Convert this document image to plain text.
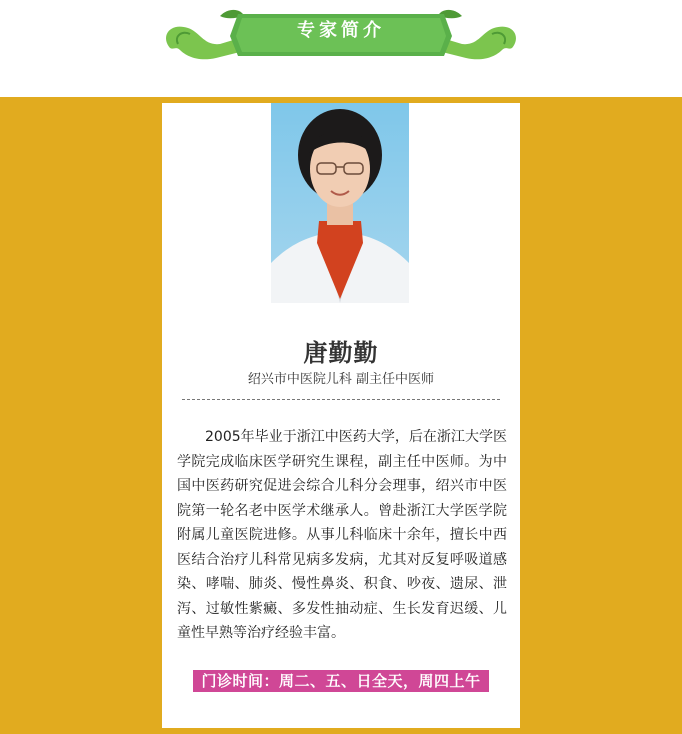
专家简介
唐勤勤
绍兴市中医院儿科 副主任中医师
2005年毕业于浙江中医药大学，后在浙江大学医学院完成临床医学研究生课程，副主任中医师。为中国中医药研究促进会综合儿科分会理事，绍兴市中医院第一轮名老中医学术继承人。曾赴浙江大学医学院附属儿童医院进修。从事儿科临床十余年，擅长中西医结合治疗儿科常见病多发病，尤其对反复呼吸道感染、哮喘、肺炎、慢性鼻炎、积食、吵夜、遗尿、泄泻、过敏性紫癜、多发性抽动症、生长发育迟缓、儿童性早熟等治疗经验丰富。
门诊时间：周二、五、日全天，周四上午
